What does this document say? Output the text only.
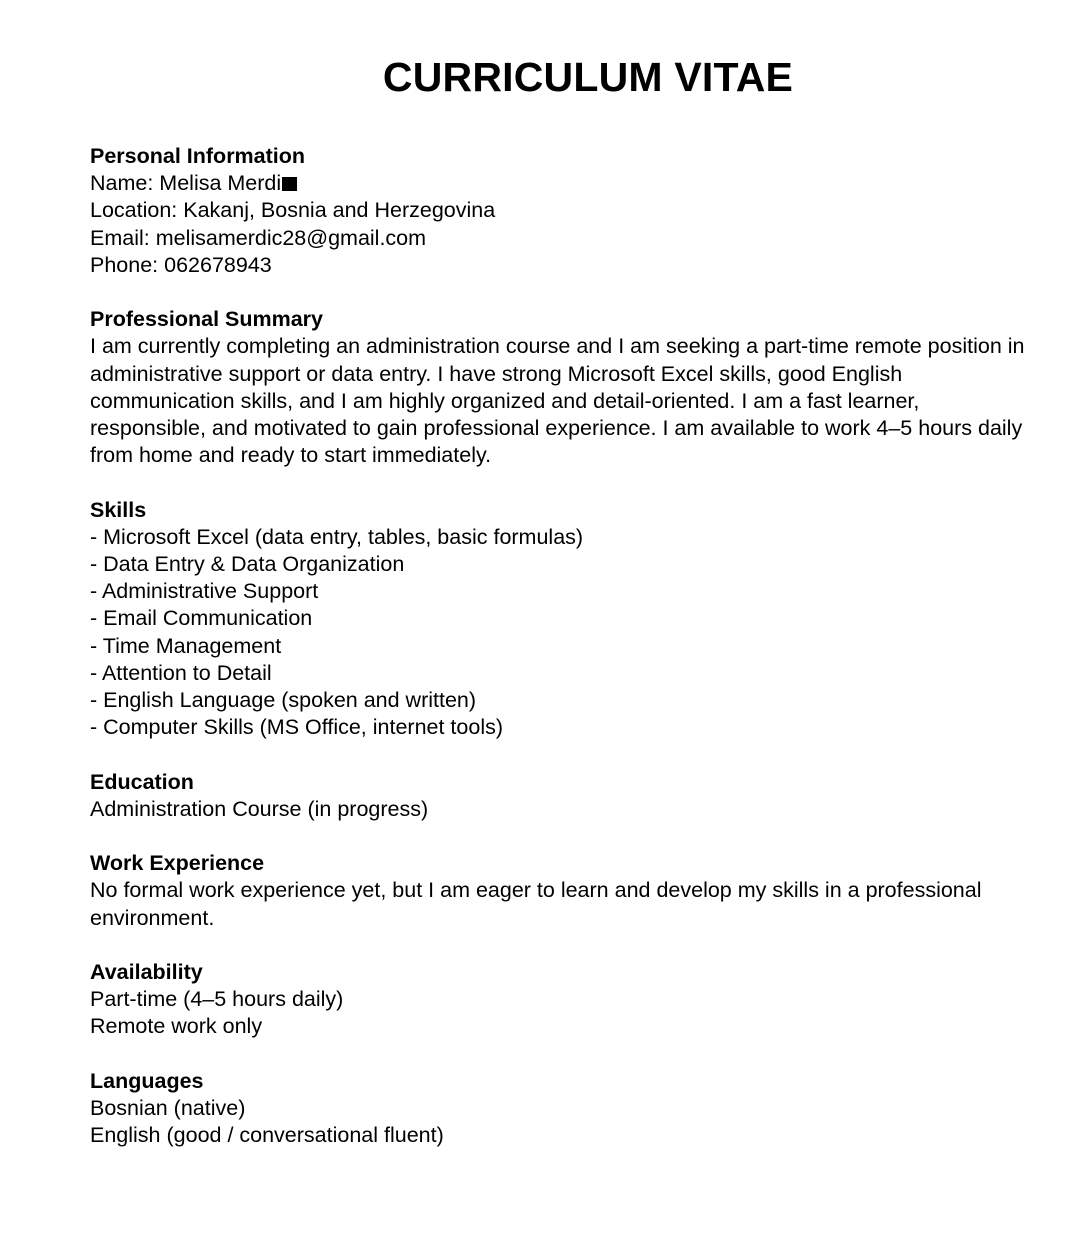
CURRICULUM VITAE
Personal Information
Name: Melisa Merdi
Location: Kakanj, Bosnia and Herzegovina
Email: melisamerdic28@gmail.com
Phone: 062678943
Professional Summary
I am currently completing an administration course and I am seeking a part-time remote position in
administrative support or data entry. I have strong Microsoft Excel skills, good English
communication skills, and I am highly organized and detail-oriented. I am a fast learner,
responsible, and motivated to gain professional experience. I am available to work 4–5 hours daily
from home and ready to start immediately.
Skills
- Microsoft Excel (data entry, tables, basic formulas)
- Data Entry & Data Organization
- Administrative Support
- Email Communication
- Time Management
- Attention to Detail
- English Language (spoken and written)
- Computer Skills (MS Office, internet tools)
Education
Administration Course (in progress)
Work Experience
No formal work experience yet, but I am eager to learn and develop my skills in a professional
environment.
Availability
Part-time (4–5 hours daily)
Remote work only
Languages
Bosnian (native)
English (good / conversational fluent)
